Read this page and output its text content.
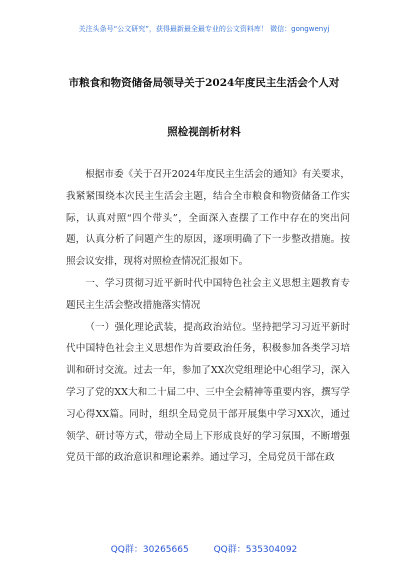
关注头条号“公文研究”，获得最新最全最专业的公文资料库！ 微信：gongwenyj
市粮食和物资储备局领导关于2024年度民主生活会个人对
照检视剖析材料

根据市委《关于召开2024年度民主生活会的通知》有关要求，我紧紧围绕本次民主生活会主题，结合全市粮食和物资储备工作实际，认真对照“四个带头”，全面深入查摆了工作中存在的突出问题，认真分析了问题产生的原因，逐项明确了下一步整改措施。按照会议安排，现将对照检查情况汇报如下。

一、学习贯彻习近平新时代中国特色社会主义思想主题教育专题民主生活会整改措施落实情况

（一）强化理论武装，提高政治站位。坚持把学习习近平新时代中国特色社会主义思想作为首要政治任务，积极参加各类学习培训和研讨交流。过去一年，参加了XX次党组理论中心组学习，深入学习了党的XX大和二十届二中、三中全会精神等重要内容，撰写学习心得XX篇。同时，组织全局党员干部开展集中学习XX次，通过领学、研讨等方式，带动全局上下形成良好的学习氛围，不断增强党员干部的政治意识和理论素养。通过学习，全局党员干部在政

QQ群：30265665	QQ群：535304092
